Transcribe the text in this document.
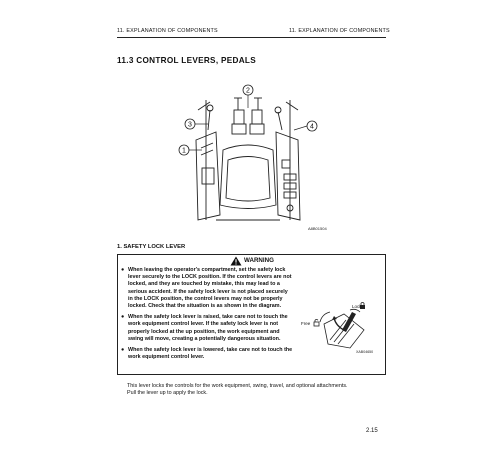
11. EXPLANATION OF COMPONENTS	11. EXPLANATION OF COMPONENTS
11.3 CONTROL LEVERS, PEDALS
2
3
1
4
A8B01504
1. SAFETY LOCK LEVER
WARNING
● When leaving the operator's compartment, set the safety lock lever securely to the LOCK position. If the control levers are not locked, and they are touched by mistake, this may lead to a serious accident. If the safety lock lever is not placed securely in the LOCK position, the control levers may not be properly locked. Check that the situation is as shown in the diagram.
● When the safety lock lever is raised, take care not to touch the work equipment control lever. If the safety lock lever is not properly locked at the up position, the work equipment and swing will move, creating a potentially dangerous situation.
● When the safety lock lever is lowered, take care not to touch the work equipment control lever.
Lock
Free
XAB04650
This lever locks the controls for the work equipment, swing, travel, and optional attachments.
Pull the lever up to apply the lock.
2.15
